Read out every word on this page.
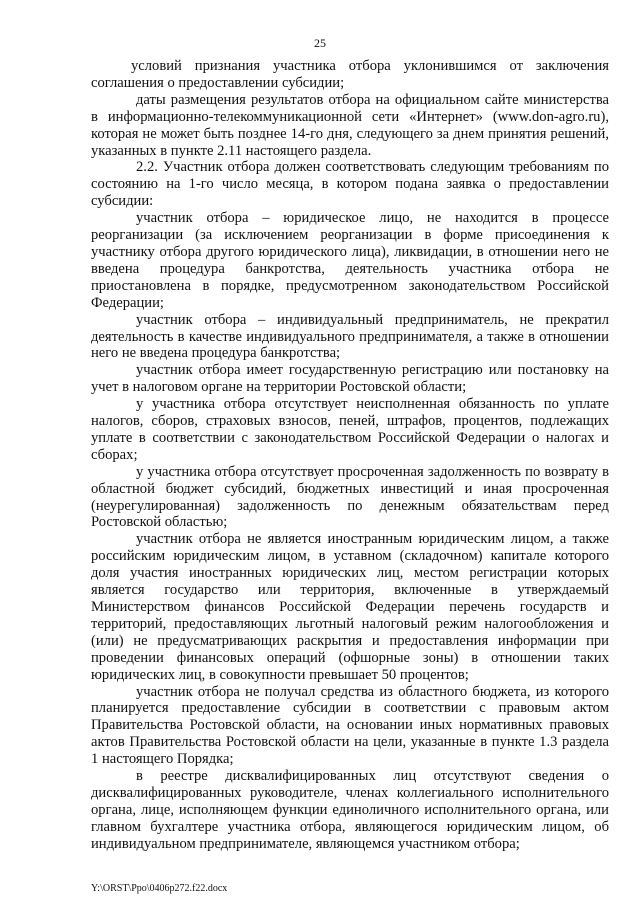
25

условий признания участника отбора уклонившимся от заключения соглашения о предоставлении субсидии;

даты размещения результатов отбора на официальном сайте министерства в информационно-телекоммуникационной сети «Интернет» (www.don-agro.ru), которая не может быть позднее 14-го дня, следующего за днем принятия решений, указанных в пункте 2.11 настоящего раздела.

2.2. Участник отбора должен соответствовать следующим требованиям по состоянию на 1-го число месяца, в котором подана заявка о предоставлении субсидии:

участник отбора – юридическое лицо, не находится в процессе реорганизации (за исключением реорганизации в форме присоединения к участнику отбора другого юридического лица), ликвидации, в отношении него не введена процедура банкротства, деятельность участника отбора не приостановлена в порядке, предусмотренном законодательством Российской Федерации;

участник отбора – индивидуальный предприниматель, не прекратил деятельность в качестве индивидуального предпринимателя, а также в отношении него не введена процедура банкротства;

участник отбора имеет государственную регистрацию или постановку на учет в налоговом органе на территории Ростовской области;

у участника отбора отсутствует неисполненная обязанность по уплате налогов, сборов, страховых взносов, пеней, штрафов, процентов, подлежащих уплате в соответствии с законодательством Российской Федерации о налогах и сборах;

у участника отбора отсутствует просроченная задолженность по возврату в областной бюджет субсидий, бюджетных инвестиций и иная просроченная (неурегулированная) задолженность по денежным обязательствам перед Ростовской областью;

участник отбора не является иностранным юридическим лицом, а также российским юридическим лицом, в уставном (складочном) капитале которого доля участия иностранных юридических лиц, местом регистрации которых является государство или территория, включенные в утверждаемый Министерством финансов Российской Федерации перечень государств и территорий, предоставляющих льготный налоговый режим налогообложения и (или) не предусматривающих раскрытия и предоставления информации при проведении финансовых операций (офшорные зоны) в отношении таких юридических лиц, в совокупности превышает 50 процентов;

участник отбора не получал средства из областного бюджета, из которого планируется предоставление субсидии в соответствии с правовым актом Правительства Ростовской области, на основании иных нормативных правовых актов Правительства Ростовской области на цели, указанные в пункте 1.3 раздела 1 настоящего Порядка;

в реестре дисквалифицированных лиц отсутствуют сведения о дисквалифицированных руководителе, членах коллегиального исполнительного органа, лице, исполняющем функции единоличного исполнительного органа, или главном бухгалтере участника отбора, являющегося юридическим лицом, об индивидуальном предпринимателе, являющемся участником отбора;

Y:\ORST\Ppo\0406p272.f22.docx
